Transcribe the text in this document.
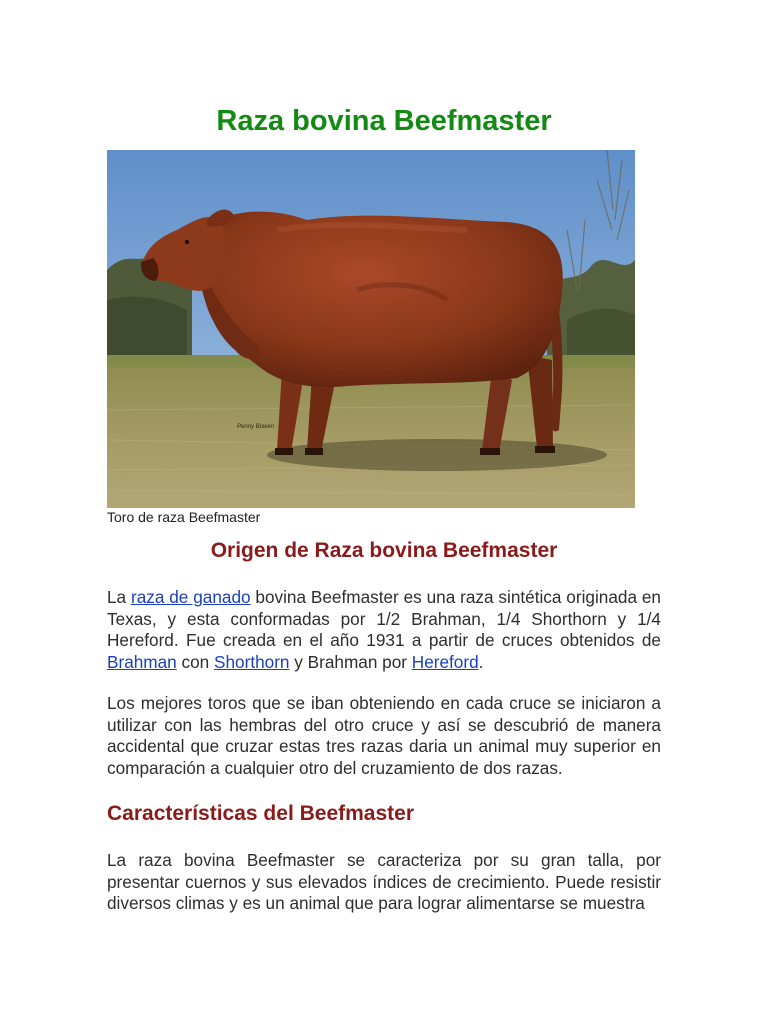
Raza bovina Beefmaster
Penny Bowen
Toro de raza Beefmaster
Origen de Raza bovina Beefmaster

La raza de ganado bovina Beefmaster es una raza sintética originada en Texas, y esta conformadas por 1/2 Brahman, 1/4 Shorthorn y 1/4 Hereford. Fue creada en el año 1931 a partir de cruces obtenidos de Brahman con Shorthorn y Brahman por Hereford.

Los mejores toros que se iban obteniendo en cada cruce se iniciaron a utilizar con las hembras del otro cruce y así se descubrió de manera accidental que cruzar estas tres razas daria un animal muy superior en comparación a cualquier otro del cruzamiento de dos razas.

Características del Beefmaster

La raza bovina Beefmaster se caracteriza por su gran talla, por presentar cuernos y sus elevados índices de crecimiento. Puede resistir diversos climas y es un animal que para lograr alimentarse se muestra
